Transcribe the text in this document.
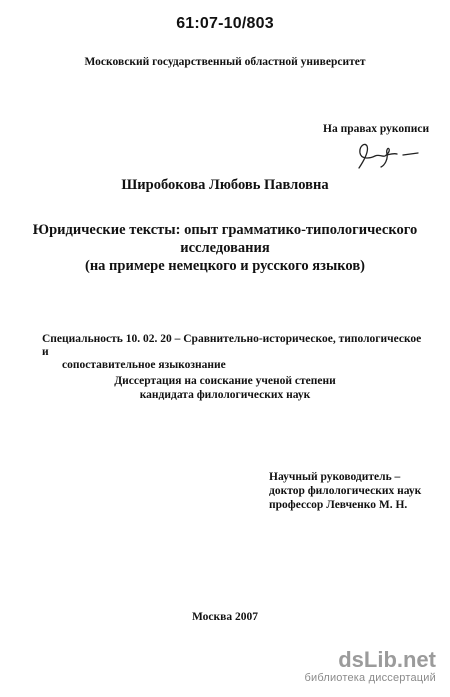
61:07-10/803
Московский государственный областной университет
На правах рукописи
Широбокова Любовь Павловна
Юридические тексты: опыт грамматико-типологического
исследования
(на примере немецкого и русского языков)
Специальность 10. 02. 20 – Сравнительно-историческое, типологическое и
сопоставительное языкознание
Диссертация на соискание ученой степени
кандидата филологических наук
Научный руководитель –
доктор филологических наук
профессор Левченко М. Н.
Москва 2007
dsLib.net
библиотека диссертаций
